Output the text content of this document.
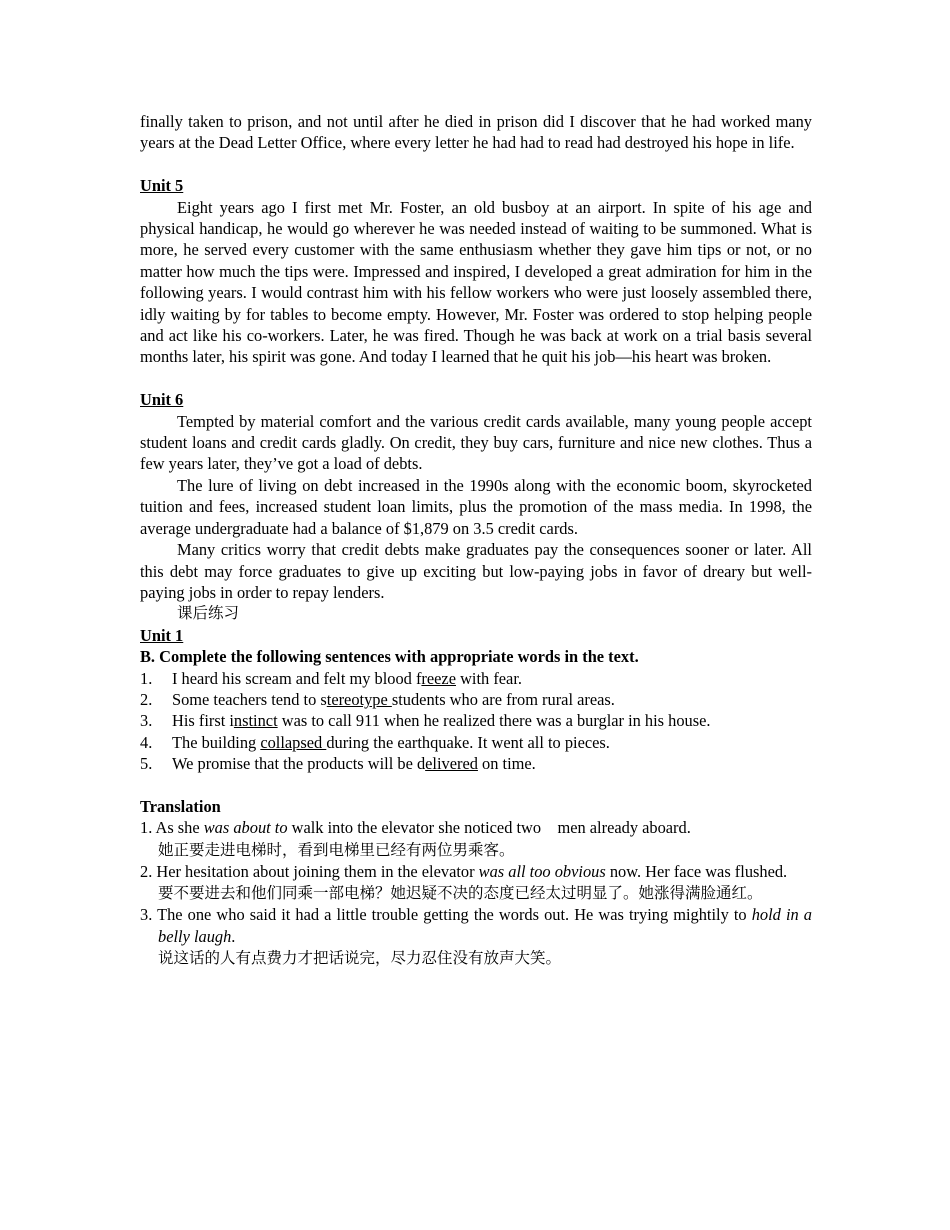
finally taken to prison, and not until after he died in prison did I discover that he had worked many years at the Dead Letter Office, where every letter he had had to read had destroyed his hope in life.

Unit 5

Eight years ago I first met Mr. Foster, an old busboy at an airport. In spite of his age and physical handicap, he would go wherever he was needed instead of waiting to be summoned. What is more, he served every customer with the same enthusiasm whether they gave him tips or not, or no matter how much the tips were. Impressed and inspired, I developed a great admiration for him in the following years. I would contrast him with his fellow workers who were just loosely assembled there, idly waiting by for tables to become empty. However, Mr. Foster was ordered to stop helping people and act like his co-workers. Later, he was fired. Though he was back at work on a trial basis several months later, his spirit was gone. And today I learned that he quit his job—his heart was broken.

Unit 6

Tempted by material comfort and the various credit cards available, many young people accept student loans and credit cards gladly. On credit, they buy cars, furniture and nice new clothes. Thus a few years later, they’ve got a load of debts.

The lure of living on debt increased in the 1990s along with the economic boom, skyrocketed tuition and fees, increased student loan limits, plus the promotion of the mass media. In 1998, the average undergraduate had a balance of $1,879 on 3.5 credit cards.

Many critics worry that credit debts make graduates pay the consequences sooner or later. All this debt may force graduates to give up exciting but low-paying jobs in favor of dreary but well-paying jobs in order to repay lenders.

课后练习

Unit 1

B. Complete the following sentences with appropriate words in the text.

1.	I heard his scream and felt my blood freeze with fear.
2.	Some teachers tend to stereotype students who are from rural areas.
3.	His first instinct was to call 911 when he realized there was a burglar in his house.
4.	The building collapsed during the earthquake. It went all to pieces.
5.	We promise that the products will be delivered on time.

Translation

1. As she was about to walk into the elevator she noticed two    men already aboard.

她正要走进电梯时，看到电梯里已经有两位男乘客。

2. Her hesitation about joining them in the elevator was all too obvious now. Her face was flushed.

要不要进去和他们同乘一部电梯？她迟疑不决的态度已经太过明显了。她涨得满脸通红。

3. The one who said it had a little trouble getting the words out. He was trying mightily to hold in a belly laugh.

说这话的人有点费力才把话说完，尽力忍住没有放声大笑。
